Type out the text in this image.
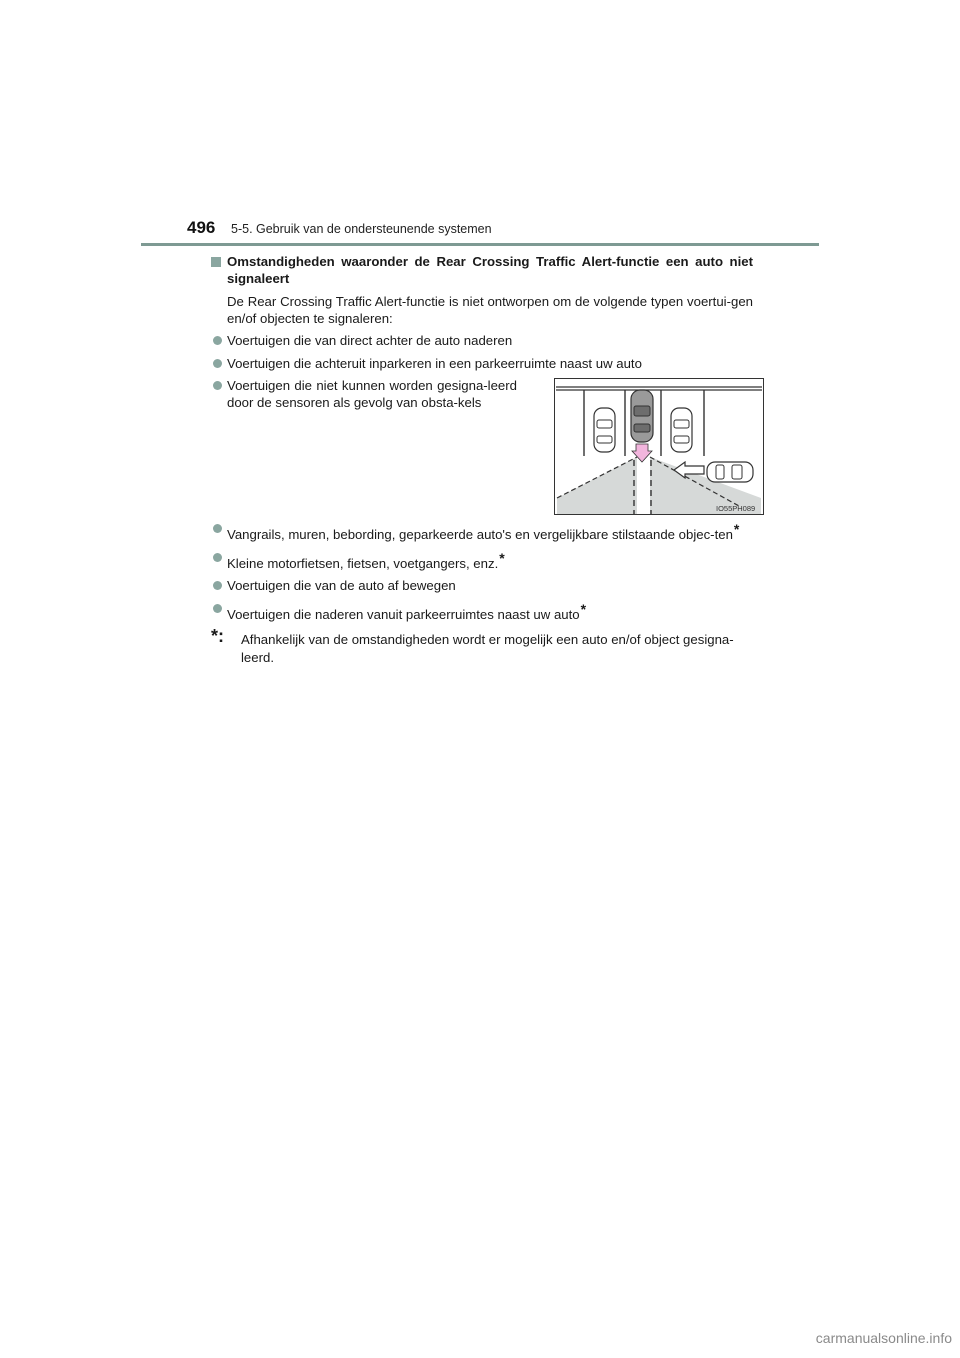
496 5-5. Gebruik van de ondersteunende systemen
Omstandigheden waaronder de Rear Crossing Traffic Alert-functie een auto niet signaleert
De Rear Crossing Traffic Alert-functie is niet ontworpen om de volgende typen voertui-gen en/of objecten te signaleren:
Voertuigen die van direct achter de auto naderen
Voertuigen die achteruit inparkeren in een parkeerruimte naast uw auto
Voertuigen die niet kunnen worden gesigna-leerd door de sensoren als gevolg van obsta-kels
IO55PH089
Vangrails, muren, bebording, geparkeerde auto's en vergelijkbare stilstaande objec-ten*
Kleine motorfietsen, fietsen, voetgangers, enz.*
Voertuigen die van de auto af bewegen
Voertuigen die naderen vanuit parkeerruimtes naast uw auto*
*: Afhankelijk van de omstandigheden wordt er mogelijk een auto en/of object gesigna-leerd.
carmanualsonline.info
